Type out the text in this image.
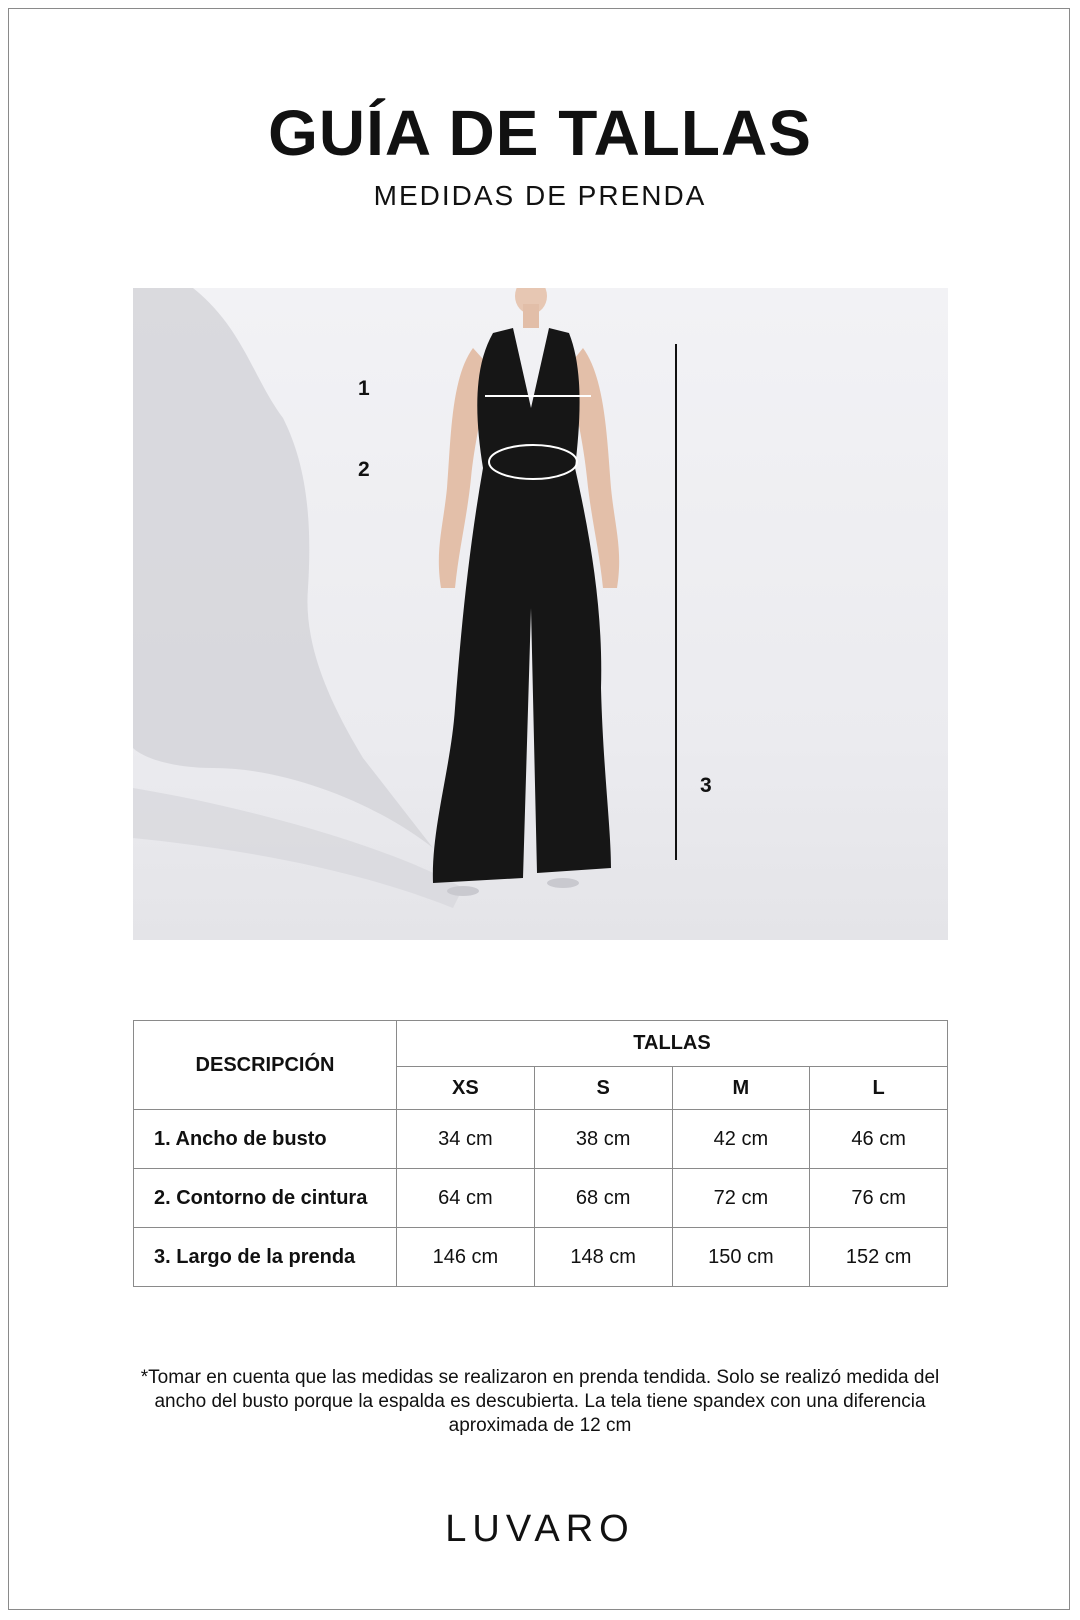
GUÍA DE TALLAS

MEDIDAS DE PRENDA

1
2
3
DESCRIPCIÓN	TALLAS			
	XS	S	M	L
1. Ancho de busto	34 cm	38 cm	42 cm	46 cm
2. Contorno de cintura	64 cm	68 cm	72 cm	76 cm
3. Largo de la prenda	146 cm	148 cm	150 cm	152 cm

*Tomar en cuenta que las medidas se realizaron en prenda tendida. Solo se realizó medida del ancho del busto porque la espalda es descubierta. La tela tiene spandex con una diferencia aproximada de 12 cm

LUVARO
